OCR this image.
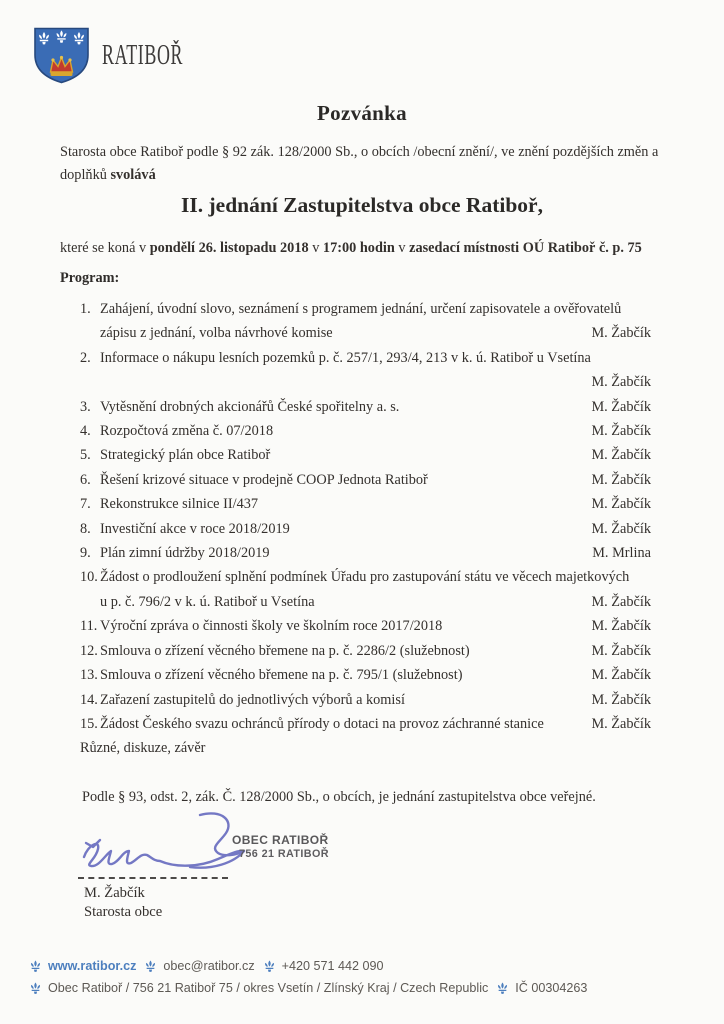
RATIBOŘ
Pozvánka
Starosta obce Ratiboř podle § 92 zák. 128/2000 Sb., o obcích /obecní znění/, ve znění pozdějších změn a
doplňků svolává
II. jednání Zastupitelstva obce Ratiboř,
které se koná v pondělí 26. listopadu 2018 v 17:00 hodin v zasedací místnosti OÚ Ratiboř č. p. 75
Program:
1. Zahájení, úvodní slovo, seznámení s programem jednání, určení zapisovatele a ověřovatelů
zápisu z jednání, volba návrhové komise	M. Žabčík
2. Informace o nákupu lesních pozemků p. č. 257/1, 293/4, 213 v k. ú. Ratiboř u Vsetína
M. Žabčík
3. Vytěsnění drobných akcionářů České spořitelny a. s.	M. Žabčík
4. Rozpočtová změna č. 07/2018	M. Žabčík
5. Strategický plán obce Ratiboř	M. Žabčík
6. Řešení krizové situace v prodejně COOP Jednota Ratiboř	M. Žabčík
7. Rekonstrukce silnice II/437	M. Žabčík
8. Investiční akce v roce 2018/2019	M. Žabčík
9. Plán zimní údržby 2018/2019	M. Mrlina
10. Žádost o prodloužení splnění podmínek Úřadu pro zastupování státu ve věcech majetkových
u p. č. 796/2 v k. ú. Ratiboř u Vsetína	M. Žabčík
11. Výroční zpráva o činnosti školy ve školním roce 2017/2018	M. Žabčík
12. Smlouva o zřízení věcného břemene na p. č. 2286/2 (služebnost)	M. Žabčík
13. Smlouva o zřízení věcného břemene na p. č. 795/1 (služebnost)	M. Žabčík
14. Zařazení zastupitelů do jednotlivých výborů a komisí	M. Žabčík
15. Žádost Českého svazu ochránců přírody o dotaci na provoz záchranné stanice	M. Žabčík
Různé, diskuze, závěr
Podle § 93, odst. 2, zák. Č. 128/2000 Sb., o obcích, je jednání zastupitelstva obce veřejné.
OBEC RATIBOŘ
756 21 RATIBOŘ
M. Žabčík
Starosta obce
www.ratibor.cz obec@ratibor.cz +420 571 442 090
Obec Ratiboř / 756 21 Ratiboř 75 / okres Vsetín / Zlínský Kraj / Czech Republic IČ 00304263
